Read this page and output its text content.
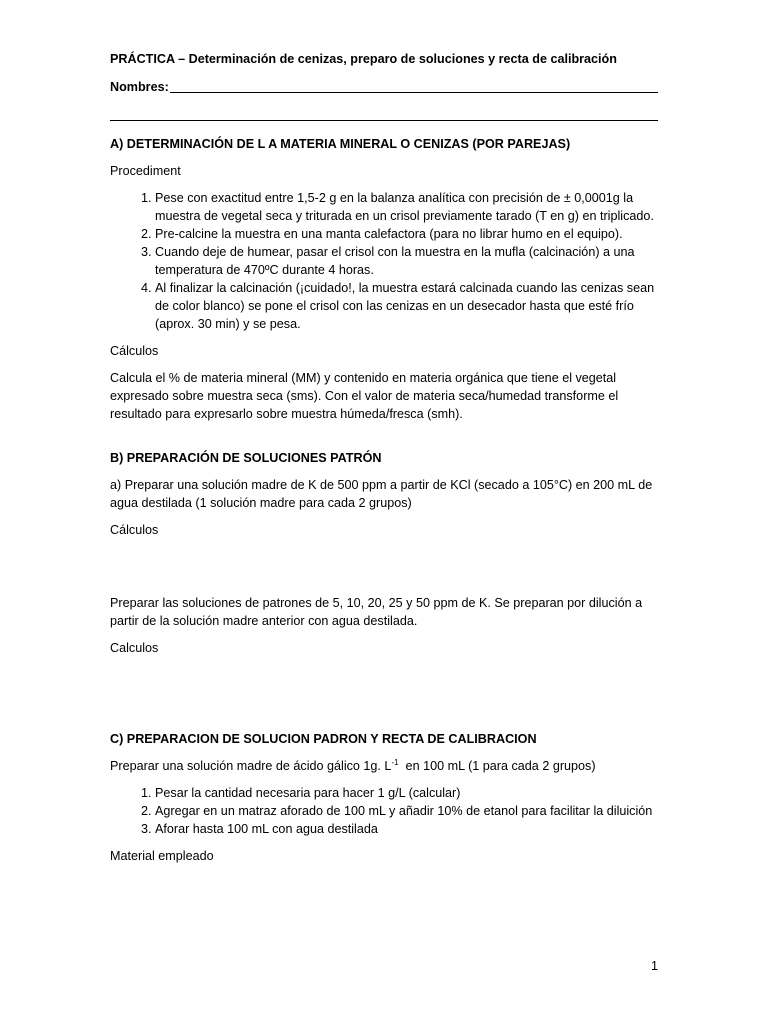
PRÁCTICA – Determinación de cenizas, preparo de soluciones y recta de calibración
Nombres:
A) DETERMINACIÓN DE L A MATERIA MINERAL O CENIZAS (POR PAREJAS)

Procediment

1. Pese con exactitud entre 1,5-2 g en la balanza analítica con precisión de ± 0,0001g la muestra de vegetal seca y triturada en un crisol previamente tarado (T en g) en triplicado.
2. Pre-calcine la muestra en una manta calefactora (para no librar humo en el equipo).
3. Cuando deje de humear, pasar el crisol con la muestra en la mufla (calcinación) a una temperatura de 470ºC durante 4 horas.
4. Al finalizar la calcinación (¡cuidado!, la muestra estará calcinada cuando las cenizas sean de color blanco) se pone el crisol con las cenizas en un desecador hasta que esté frío (aprox. 30 min) y se pesa.

Cálculos

Calcula el % de materia mineral (MM) y contenido en materia orgánica que tiene el vegetal expresado sobre muestra seca (sms). Con el valor de materia seca/humedad transforme el resultado para expresarlo sobre muestra húmeda/fresca (smh).

B) PREPARACIÓN DE SOLUCIONES PATRÓN

a) Preparar una solución madre de K de 500 ppm a partir de KCl (secado a 105°C) en 200 mL de agua destilada (1 solución madre para cada 2 grupos)

Cálculos

Preparar las soluciones de patrones de 5, 10, 20, 25 y 50 ppm de K. Se preparan por dilución a partir de la solución madre anterior con agua destilada.

Calculos

C) PREPARACION DE SOLUCION PADRON Y RECTA DE CALIBRACION

Preparar una solución madre de ácido gálico 1g. $L^{-1}$  en 100 mL (1 para cada 2 grupos)

1. Pesar la cantidad necesaria para hacer 1 g/L (calcular)
2. Agregar en un matraz aforado de 100 mL y añadir 10% de etanol para facilitar la diluición
3. Aforar hasta 100 mL con agua destilada

Material empleado

1
